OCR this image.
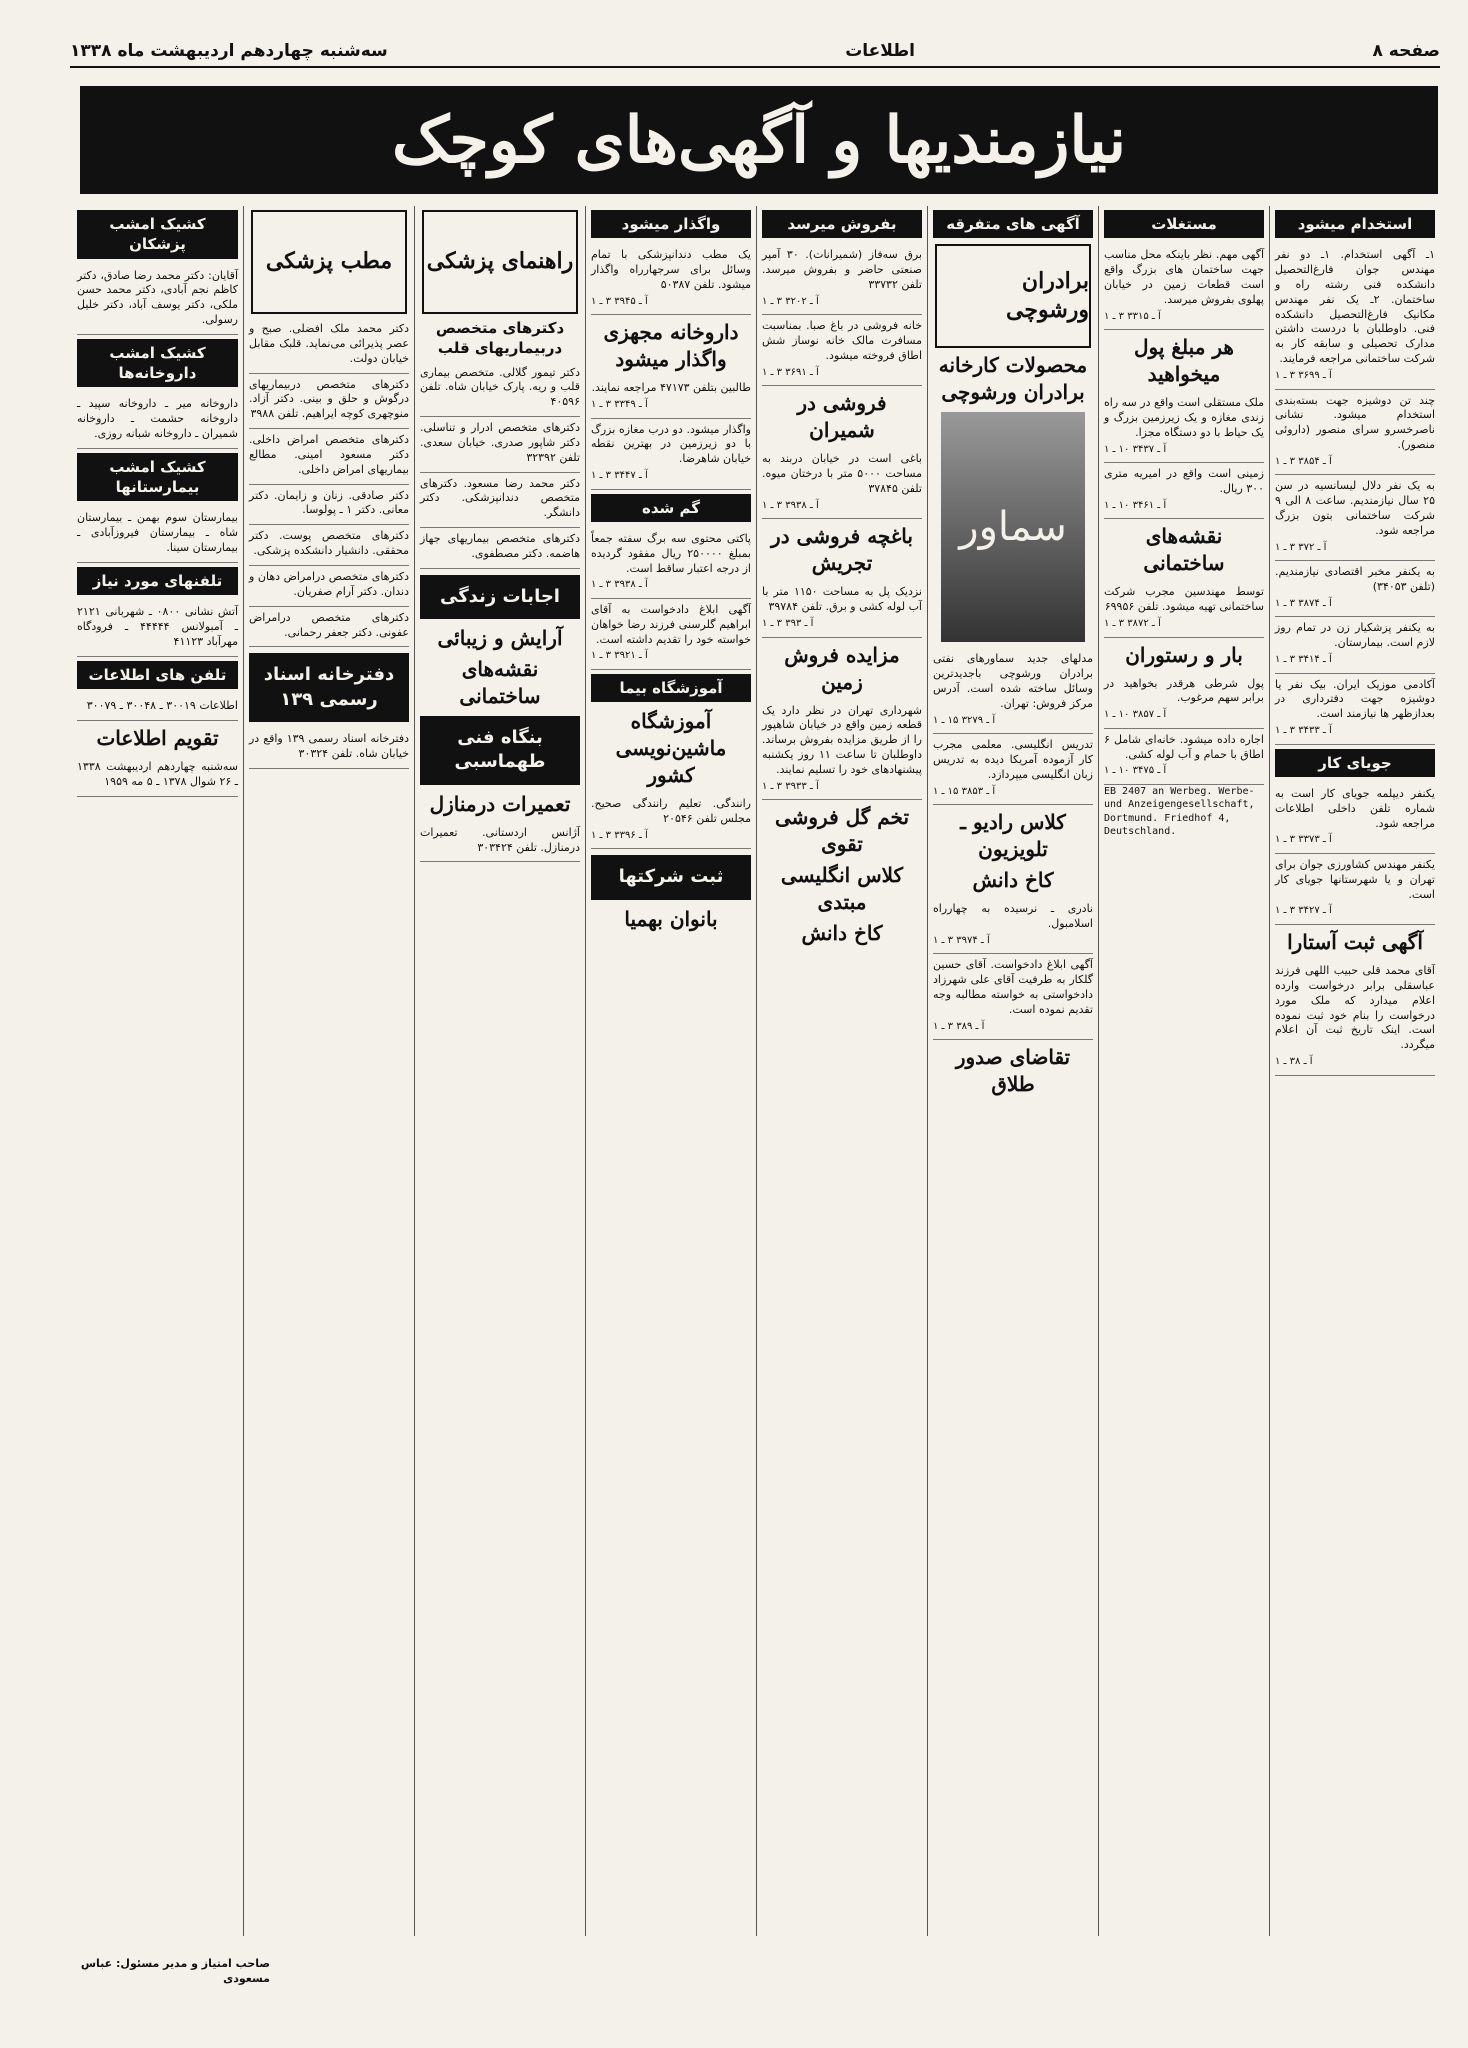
صفحه ۸
اطلاعات
سه‌شنبه چهاردهم اردیبهشت ماه ۱۳۳۸
نیازمندیها و آگهی‌های کوچک
استخدام میشود
۱ـ آگهی استخدام. ۱ـ دو نفر مهندس جوان فارغ‌التحصیل دانشکده فنی رشته راه و ساختمان. ۲ـ یک نفر مهندس مکانیک فارغ‌التحصیل دانشکده فنی. داوطلبان با دردست داشتن مدارک تحصیلی و سابقه کار به شرکت ساختمانی مراجعه فرمایند.
آ ـ ۳۶۹۹ ۳ ـ ۱
چند تن دوشیزه جهت بسته‌بندی استخدام میشود. نشانی ناصرخسرو سرای منصور (داروئی منصور).
آ ـ ۳۸۵۴ ۳ ـ ۱
به یک نفر دلال لیسانسیه در سن ۲۵ سال نیازمندیم. ساعت ۸ الی ۹ شرکت ساختمانی بتون بزرگ مراجعه شود.
آ ـ ۳۷۲ ۳ ـ ۱
به یکنفر مخبر اقتصادی نیازمندیم. (تلفن ۳۴۰۵۳)
آ ـ ۳۸۷۴ ۳ ـ ۱
به یکنفر پزشکیار زن در تمام روز لازم است. بیمارستان.
آ ـ ۳۴۱۴ ۳ ـ ۱
آکادمی موزیک ایران. بیک نفر یا دوشیزه جهت دفترداری در بعدازظهر ها نیازمند است.
آ ـ ۳۴۳۳ ۳ ـ ۱
جویای کار
یکنفر دیپلمه جویای کار است به شماره تلفن داخلی اطلاعات مراجعه شود.
آ ـ ۳۳۷۳ ۳ ـ ۱
یکنفر مهندس کشاورزی جوان برای تهران و یا شهرستانها جویای کار است.
آ ـ ۳۴۲۷ ۳ ـ ۱
آگهی ثبت آستارا
آقای محمد قلی حبیب اللهی فرزند عباسقلی برابر درخواست وارده اعلام میدارد که ملک مورد درخواست را بنام خود ثبت نموده است. اینک تاریخ ثبت آن اعلام میگردد.
آ ـ ۳۸ ـ ۱
مستغلات
آگهی مهم. نظر باینکه محل مناسب جهت ساختمان های بزرگ واقع است قطعات زمین در خیابان پهلوی بفروش میرسد.
آ ـ ۳۳۱۵ ۳ ـ ۱
هر مبلغ پول میخواهید
ملک مستقلی است واقع در سه راه زندی مغازه و یک زیرزمین بزرگ و یک حیاط با دو دستگاه مجزا.
آ ـ ۳۴۳۷ ۱۰ ـ ۱
زمینی است واقع در امیریه متری ۳۰۰ ریال.
آ ـ ۳۴۶۱ ۱۰ ـ ۱
نقشه‌های ساختمانی
توسط مهندسین مجرب شرکت ساختمانی تهیه میشود. تلفن ۶۹۹۵۶
آ ـ ۳۸۷۲ ۳ ـ ۱
بار و رستوران
پول شرطی هرقدر بخواهید در برابر سهم مرغوب.
آ ـ ۳۸۵۷ ۱۰ ـ ۱
اجاره داده میشود. خانه‌ای شامل ۶ اطاق با حمام و آب لوله کشی.
آ ـ ۳۴۷۵ ۱۰ ـ ۱
EB 2407 an Werbeg. Werbe-und Anzeigengesellschaft, Dortmund. Friedhof 4, Deutschland.
آگهی های متفرقه
برادران ورشوچی
محصولات کارخانه برادران ورشوچی
سماور
مدلهای جدید سماورهای نفتی برادران ورشوچی باجدیدترین وسائل ساخته شده است. آدرس مرکز فروش: تهران.
آ ـ ۳۲۷۹ ۱۵ ـ ۱
تدریس انگلیسی. معلمی مجرب کار آزموده آمریکا دیده به تدریس زبان انگلیسی میپردازد.
آ ـ ۳۸۵۳ ۱۵ ـ ۱
کلاس رادیو ـ تلویزیون
کاخ دانش
نادری ـ نرسیده به چهارراه اسلامبول.
آ ـ ۳۹۷۴ ۳ ـ ۱
آگهی ابلاغ دادخواست. آقای حسین گلکار به طرفیت آقای علی شهرزاد دادخواستی به خواسته مطالبه وجه تقدیم نموده است.
آ ـ ۳۸۹ ۳ ـ ۱
تقاضای صدور طلاق
بفروش میرسد
برق سه‌فاز (شمیرانات). ۳۰ آمپر صنعتی حاضر و بفروش میرسد. تلفن ۳۳۷۳۲
آ ـ ۳۲۰۲ ۳ ـ ۱
خانه فروشی در باغ صبا. بمناسبت مسافرت مالک خانه نوساز شش اطاق فروخته میشود.
آ ـ ۳۶۹۱ ۳ ـ ۱
فروشی در شمیران
باغی است در خیابان دربند به مساحت ۵۰۰۰ متر با درختان میوه. تلفن ۳۷۸۴۵
آ ـ ۳۹۳۸ ۳ ـ ۱
باغچه فروشی در تجریش
نزدیک پل به مساحت ۱۱۵۰ متر با آب لوله کشی و برق. تلفن ۳۹۷۸۴
آ ـ ۳۹۳ ۳ ـ ۱
مزایده فروش زمین
شهرداری تهران در نظر دارد یک قطعه زمین واقع در خیابان شاهپور را از طریق مزایده بفروش برساند. داوطلبان تا ساعت ۱۱ روز یکشنبه پیشنهادهای خود را تسلیم نمایند.
آ ـ ۳۹۳۳ ۳ ـ ۱
تخم گل فروشی تقوی
کلاس انگلیسی مبتدی
کاخ دانش
واگذار میشود
یک مطب دندانپزشکی با تمام وسائل برای سرجهارراه واگذار میشود. تلفن ۵۰۳۸۷
آ ـ ۳۹۴۵ ۳ ـ ۱
داروخانه مجهزی واگذار میشود
طالبین بتلفن ۴۷۱۷۳ مراجعه نمایند.
آ ـ ۳۳۴۹ ۳ ـ ۱
واگذار میشود. دو درب مغازه بزرگ با دو زیرزمین در بهترین نقطه خیابان شاهرضا.
آ ـ ۳۴۴۷ ۳ ـ ۱
گم شده
پاکتی محتوی سه برگ سفته جمعاً بمبلغ ۲۵۰۰۰۰ ریال مفقود گردیده از درجه اعتبار ساقط است.
آ ـ ۳۹۳۸ ۳ ـ ۱
آگهی ابلاغ دادخواست به آقای ابراهیم گلرسنی فرزند رضا خواهان خواسته خود را تقدیم داشته است.
آ ـ ۳۹۲۱ ۳ ـ ۱
آموزشگاه بیما
آموزشگاه ماشین‌نویسی کشور
رانندگی. تعلیم رانندگی صحیح. مجلس تلفن ۲۰۵۴۶
آ ـ ۳۳۹۶ ۳ ـ ۱
ثبت شرکتها
بانوان بهمیا
راهنمای پزشکی
دکترهای متخصص دربیماریهای قلب
دکتر تیمور گلالی. متخصص بیماری قلب و ریه. پارک خیابان شاه. تلفن ۴۰۵۹۶
دکترهای متخصص ادرار و تناسلی. دکتر شاپور صدری. خیابان سعدی. تلفن ۳۲۳۹۲
دکتر محمد رضا مسعود. دکترهای متخصص دندانپزشکی. دکتر دانشگر.
دکترهای متخصص بیماریهای جهاز هاضمه. دکتر مصطفوی.
اجابات زندگی
آرایش و زیبائی
نقشه‌های ساختمانی
بنگاه فنی طهماسبی
تعمیرات درمنازل
آژانس اردستانی. تعمیرات درمنازل. تلفن ۳۰۳۴۲۴
مطب پزشکی
دکتر محمد ملک افضلی. صبح و عصر پذیرائی می‌نماید. قلبک مقابل خیابان دولت.
دکترهای متخصص دربیماریهای درگوش و حلق و بینی. دکتر آزاد. منوچهری کوچه ایراهیم. تلفن ۳۹۸۸
دکترهای متخصص امراض داخلی. دکتر مسعود امینی. مطالع بیماریهای امراض داخلی.
دکتر صادقی. زنان و زایمان. دکتر معانی. دکتر ۱ ـ پولوسا.
دکترهای متخصص پوست. دکتر محققی. دانشیار دانشکده پزشکی.
دکترهای متخصص درامراض دهان و دندان. دکتر آرام صفریان.
دکترهای متخصص درامراض عفونی. دکتر جعفر رحمانی.
دفترخانه اسناد رسمی ۱۳۹
دفترخانه اسناد رسمی ۱۳۹ واقع در خیابان شاه. تلفن ۳۰۳۲۴
کشیک امشب پزشکان
آقایان: دکتر محمد رضا صادق، دکتر کاظم نجم آبادی، دکتر محمد حسن ملکی، دکتر یوسف آباد، دکتر خلیل رسولی.
کشیک امشب داروخانه‌ها
داروخانه میر ـ داروخانه سپید ـ داروخانه حشمت ـ داروخانه شمیران ـ داروخانه شبانه روزی.
کشیک امشب بیمارستانها
بیمارستان سوم بهمن ـ بیمارستان شاه ـ بیمارستان فیروزآبادی ـ بیمارستان سینا.
تلفنهای مورد نیاز
آتش نشانی ۰۸۰۰ ـ شهربانی ۲۱۲۱ ـ آمبولانس ۴۴۴۴۴ ـ فرودگاه مهرآباد ۴۱۱۲۳
تلفن های اطلاعات
اطلاعات ۳۰۰۱۹ ـ ۳۰۰۴۸ ـ ۳۰۰۷۹
تقویم اطلاعات
سه‌شنبه چهاردهم اردیبهشت ۱۳۳۸ ـ ۲۶ شوال ۱۳۷۸ ـ ۵ مه ۱۹۵۹
صاحب امتیاز و مدیر مسئول: عباس مسعودی
